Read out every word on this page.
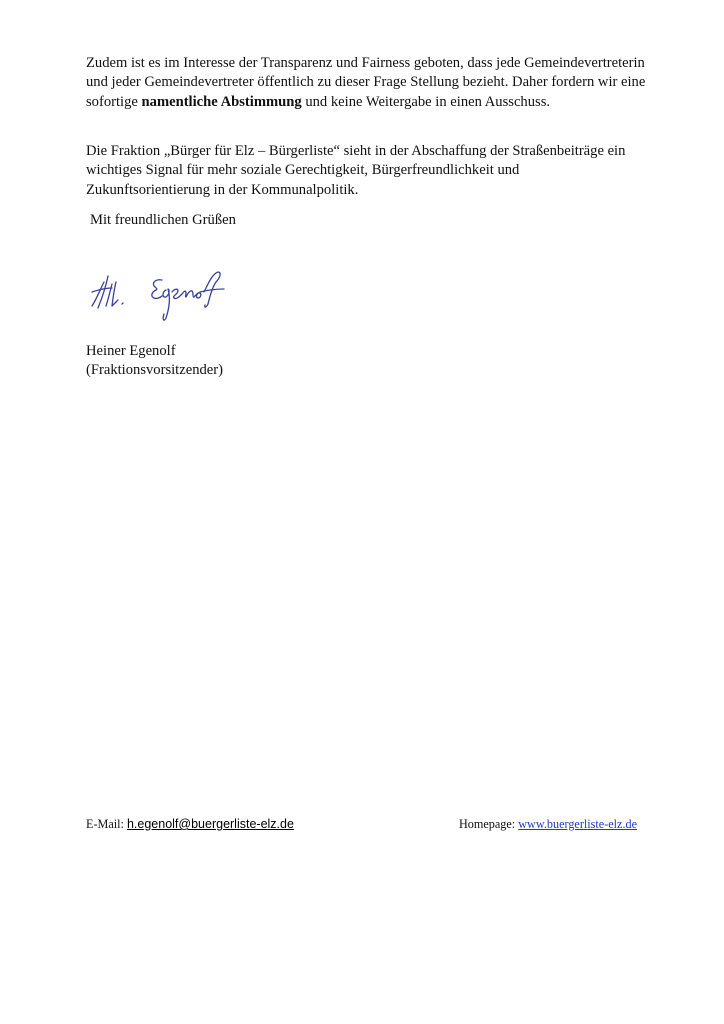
Zudem ist es im Interesse der Transparenz und Fairness geboten, dass jede Gemeindevertreterin und jeder Gemeindevertreter öffentlich zu dieser Frage Stellung bezieht. Daher fordern wir eine sofortige namentliche Abstimmung und keine Weitergabe in einen Ausschuss.

Die Fraktion „Bürger für Elz – Bürgerliste“ sieht in der Abschaffung der Straßenbeiträge ein wichtiges Signal für mehr soziale Gerechtigkeit, Bürgerfreundlichkeit und Zukunftsorientierung in der Kommunalpolitik.

Mit freundlichen Grüßen

Heiner Egenolf
(Fraktionsvorsitzender)

E-Mail: h.egenolf@buergerliste-elz.de	Homepage: www.buergerliste-elz.de
